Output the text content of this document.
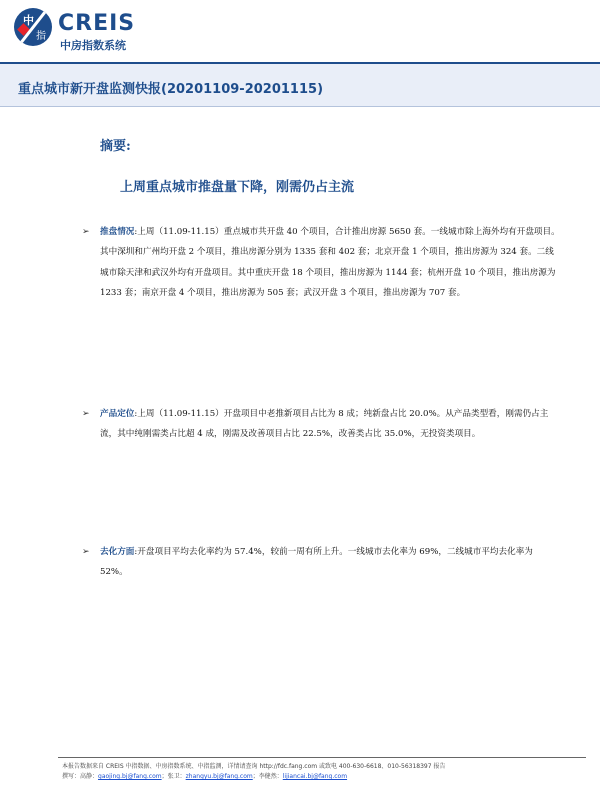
中
指
CREIS
中房指数系统
重点城市新开盘监测快报(20201109-20201115)
摘要:
上周重点城市推盘量下降，刚需仍占主流
➢	推盘情况:上周（11.09-11.15）重点城市共开盘 40 个项目，合计推出房源 5650 套。一线城市除上海外均有开盘项目。其中深圳和广州均开盘 2 个项目，推出房源分别为 1335 套和 402 套；北京开盘 1 个项目，推出房源为 324 套。二线城市除天津和武汉外均有开盘项目。其中重庆开盘 18 个项目，推出房源为 1144 套；杭州开盘 10 个项目，推出房源为 1233 套；南京开盘 4 个项目，推出房源为 505 套；武汉开盘 3 个项目，推出房源为 707 套。
➢	产品定位:上周（11.09-11.15）开盘项目中老推新项目占比为 8 成；纯新盘占比 20.0%。从产品类型看，刚需仍占主流，其中纯刚需类占比超 4 成，刚需及改善项目占比 22.5%，改善类占比 35.0%，无投资类项目。
➢	去化方面:开盘项目平均去化率约为 57.4%，较前一周有所上升。一线城市去化率为 69%，二线城市平均去化率为 52%。
本报告数据来自 CREIS 中指数据、中房指数系统、中指监测，详情请查询 http://fdc.fang.com 或致电 400-630-6618、010-56318397 报告
撰写：高静：gaojing.bj@fang.com；张卫：zhangyu.bj@fang.com；李健然：lijiancai.bj@fang.com
